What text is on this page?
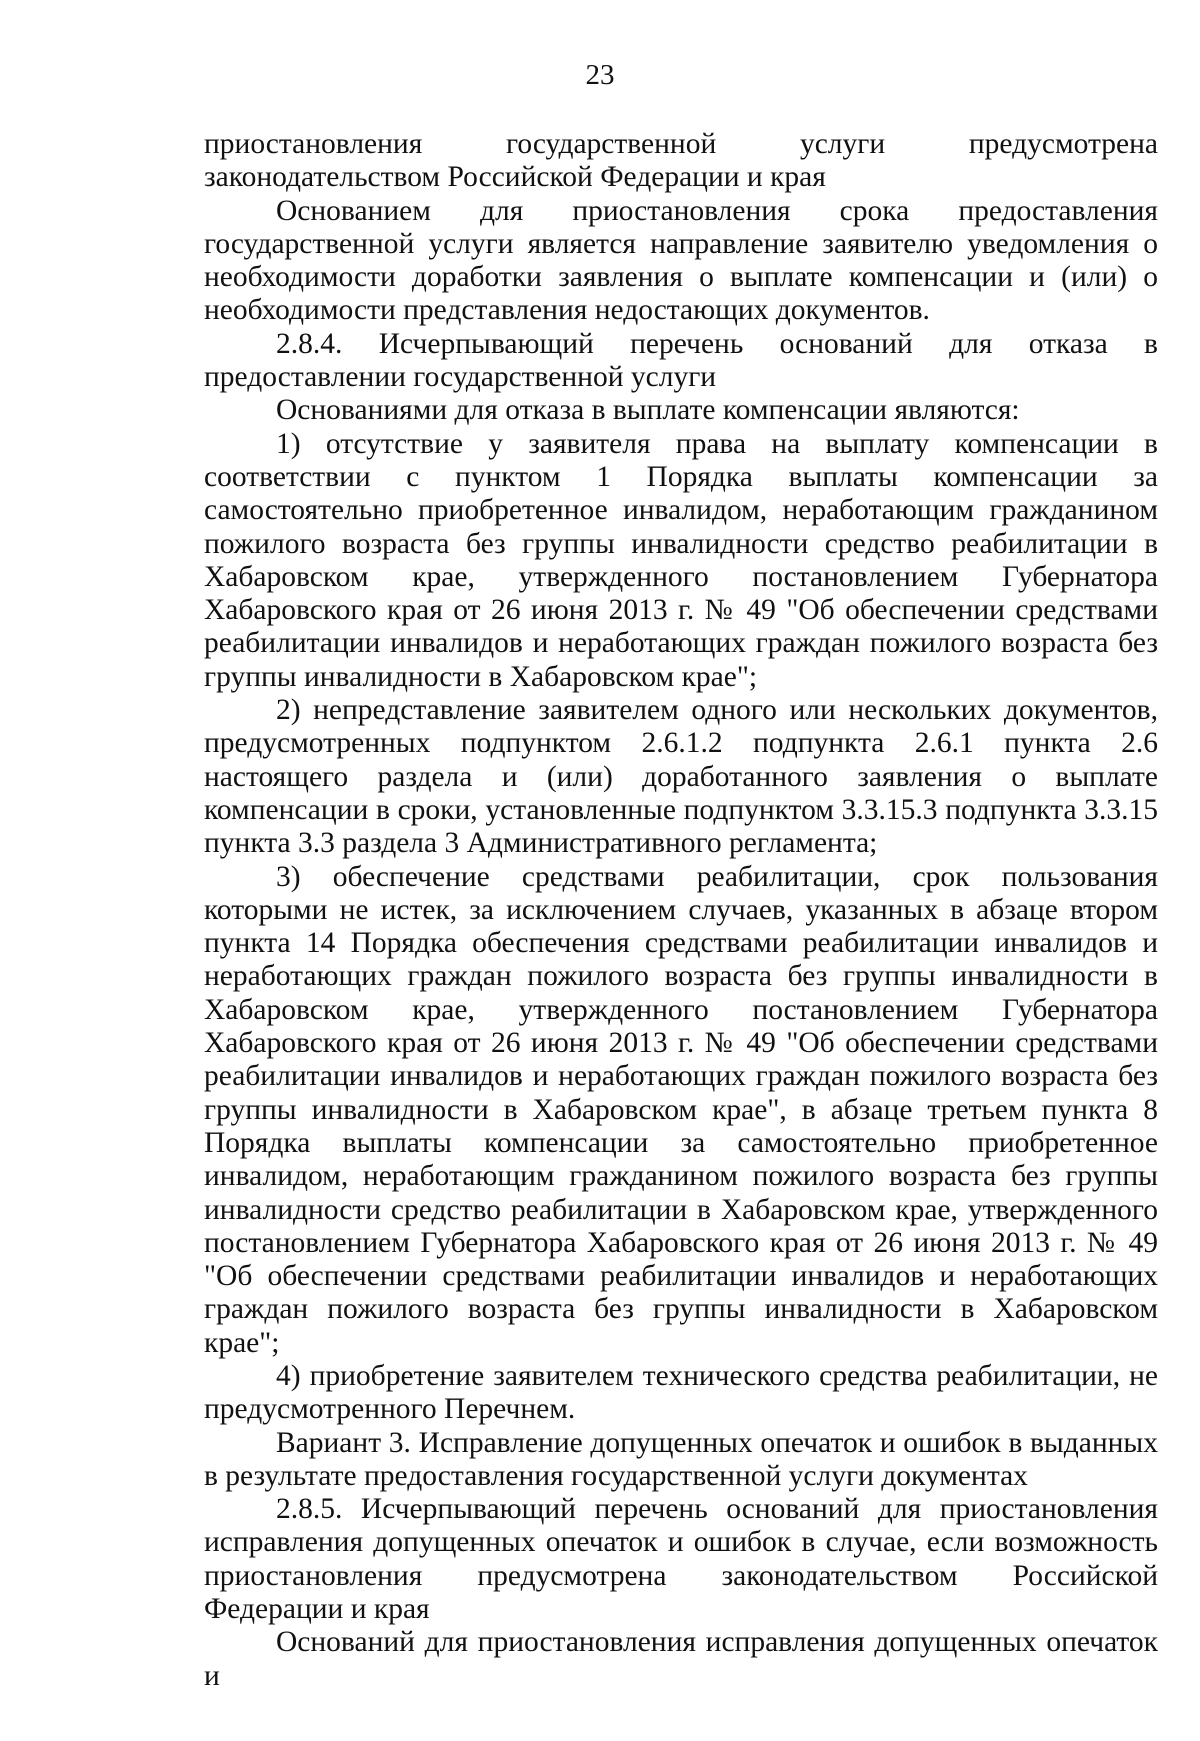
23

приостановления государственной услуги предусмотрена законодательством Российской Федерации и края

Основанием для приостановления срока предоставления государственной услуги является направление заявителю уведомления о необходимости доработки заявления о выплате компенсации и (или) о необходимости представления недостающих документов.

2.8.4. Исчерпывающий перечень оснований для отказа в предоставлении государственной услуги

Основаниями для отказа в выплате компенсации являются:

1) отсутствие у заявителя права на выплату компенсации в соответствии с пунктом 1 Порядка выплаты компенсации за самостоятельно приобретенное инвалидом, неработающим гражданином пожилого возраста без группы инвалидности средство реабилитации в Хабаровском крае, утвержденного постановлением Губернатора Хабаровского края от 26 июня 2013 г. № 49 "Об обеспечении средствами реабилитации инвалидов и неработающих граждан пожилого возраста без группы инвалидности в Хабаровском крае";

2) непредставление заявителем одного или нескольких документов, предусмотренных подпунктом 2.6.1.2 подпункта 2.6.1 пункта 2.6 настоящего раздела и (или) доработанного заявления о выплате компенсации в сроки, установленные подпунктом 3.3.15.3 подпункта 3.3.15 пункта 3.3 раздела 3 Административного регламента;

3) обеспечение средствами реабилитации, срок пользования которыми не истек, за исключением случаев, указанных в абзаце втором пункта 14 Порядка обеспечения средствами реабилитации инвалидов и неработающих граждан пожилого возраста без группы инвалидности в Хабаровском крае, утвержденного постановлением Губернатора Хабаровского края от 26 июня 2013 г. № 49 "Об обеспечении средствами реабилитации инвалидов и неработающих граждан пожилого возраста без группы инвалидности в Хабаровском крае", в абзаце третьем пункта 8 Порядка выплаты компенсации за самостоятельно приобретенное инвалидом, неработающим гражданином пожилого возраста без группы инвалидности средство реабилитации в Хабаровском крае, утвержденного постановлением Губернатора Хабаровского края от 26 июня 2013 г. № 49 "Об обеспечении средствами реабилитации инвалидов и неработающих граждан пожилого возраста без группы инвалидности в Хабаровском крае";

4) приобретение заявителем технического средства реабилитации, не предусмотренного Перечнем.

Вариант 3. Исправление допущенных опечаток и ошибок в выданных в результате предоставления государственной услуги документах

2.8.5. Исчерпывающий перечень оснований для приостановления исправления допущенных опечаток и ошибок в случае, если возможность приостановления предусмотрена законодательством Российской Федерации и края

Оснований для приостановления исправления допущенных опечаток и
